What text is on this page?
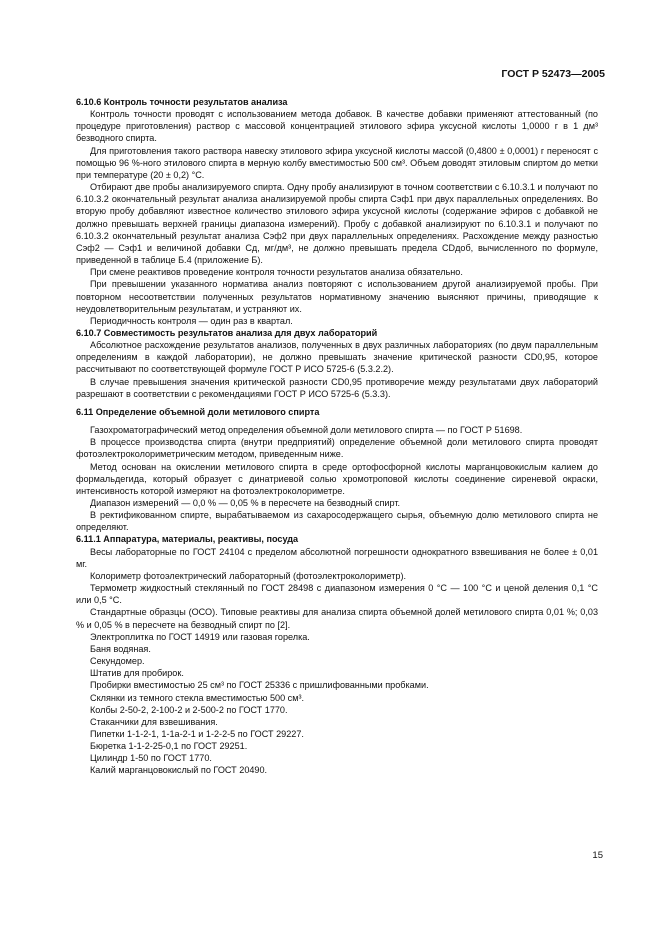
ГОСТ Р 52473—2005

6.10.6 Контроль точности результатов анализа

Контроль точности проводят с использованием метода добавок. В качестве добавки применяют аттестованный (по процедуре приготовления) раствор с массовой концентрацией этилового эфира уксусной кислоты 1,0000 г в 1 дм³ безводного спирта.

Для приготовления такого раствора навеску этилового эфира уксусной кислоты массой (0,4800 ± 0,0001) г переносят с помощью 96 %-ного этилового спирта в мерную колбу вместимостью 500 см³. Объем доводят этиловым спиртом до метки при температуре (20 ± 0,2) °С.

Отбирают две пробы анализируемого спирта. Одну пробу анализируют в точном соответствии с 6.10.3.1 и получают по 6.10.3.2 окончательный результат анализа анализируемой пробы спирта Cэф1 при двух параллельных определениях. Во вторую пробу добавляют известное количество этилового эфира уксусной кислоты (содержание эфиров с добавкой не должно превышать верхней границы диапазона измерений). Пробу с добавкой анализируют по 6.10.3.1 и получают по 6.10.3.2 окончательный результат анализа Cэф2 при двух параллельных определениях. Расхождение между разностью Cэф2 — Cэф1 и величиной добавки Cд, мг/дм³, не должно превышать предела CDдоб, вычисленного по формуле, приведенной в таблице Б.4 (приложение Б).

При смене реактивов проведение контроля точности результатов анализа обязательно.

При превышении указанного норматива анализ повторяют с использованием другой анализируемой пробы. При повторном несоответствии полученных результатов нормативному значению выясняют причины, приводящие к неудовлетворительным результатам, и устраняют их.

Периодичность контроля — один раз в квартал.

6.10.7 Совместимость результатов анализа для двух лабораторий

Абсолютное расхождение результатов анализов, полученных в двух различных лабораториях (по двум параллельным определениям в каждой лаборатории), не должно превышать значение критической разности CD0,95, которое рассчитывают по соответствующей формуле ГОСТ Р ИСО 5725-6 (5.3.2.2).

В случае превышения значения критической разности CD0,95 противоречие между результатами двух лабораторий разрешают в соответствии с рекомендациями ГОСТ Р ИСО 5725-6 (5.3.3).

6.11 Определение объемной доли метилового спирта

Газохроматографический метод определения объемной доли метилового спирта — по ГОСТ Р 51698.

В процессе производства спирта (внутри предприятий) определение объемной доли метилового спирта проводят фотоэлектроколориметрическим методом, приведенным ниже.

Метод основан на окислении метилового спирта в среде ортофосфорной кислоты марганцовокислым калием до формальдегида, который образует с динатриевой солью хромотроповой кислоты соединение сиреневой окраски, интенсивность которой измеряют на фотоэлектроколориметре.

Диапазон измерений — 0,0 % — 0,05 % в пересчете на безводный спирт.

В ректификованном спирте, вырабатываемом из сахаросодержащего сырья, объемную долю метилового спирта не определяют.

6.11.1 Аппаратура, материалы, реактивы, посуда

Весы лабораторные по ГОСТ 24104 с пределом абсолютной погрешности однократного взвешивания не более ± 0,01 мг.

Колориметр фотоэлектрический лабораторный (фотоэлектроколориметр).

Термометр жидкостный стеклянный по ГОСТ 28498 с диапазоном измерения 0 °С — 100 °С и ценой деления 0,1 °С или 0,5 °С.

Стандартные образцы (ОСО). Типовые реактивы для анализа спирта объемной долей метилового спирта 0,01 %; 0,03 % и 0,05 % в пересчете на безводный спирт по [2].

Электроплитка по ГОСТ 14919 или газовая горелка.

Баня водяная.

Секундомер.

Штатив для пробирок.

Пробирки вместимостью 25 см³ по ГОСТ 25336 с пришлифованными пробками.

Склянки из темного стекла вместимостью 500 см³.

Колбы 2-50-2, 2-100-2 и 2-500-2 по ГОСТ 1770.

Стаканчики для взвешивания.

Пипетки 1-1-2-1, 1-1а-2-1 и 1-2-2-5 по ГОСТ 29227.

Бюретка 1-1-2-25-0,1 по ГОСТ 29251.

Цилиндр 1-50 по ГОСТ 1770.

Калий марганцовокислый по ГОСТ 20490.

15
